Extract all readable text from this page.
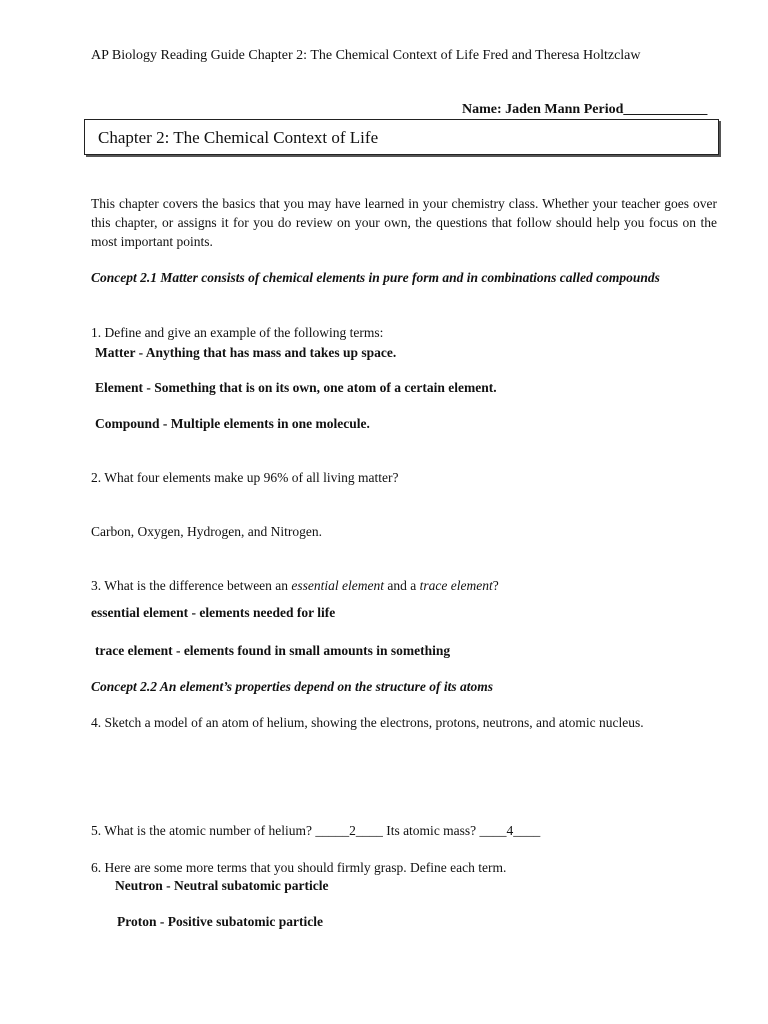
AP Biology Reading Guide Chapter 2: The Chemical Context of Life Fred and Theresa Holtzclaw
Name: Jaden Mann Period____________
Chapter 2: The Chemical Context of Life
This chapter covers the basics that you may have learned in your chemistry class. Whether your teacher goes over this chapter, or assigns it for you do review on your own, the questions that follow should help you focus on the most important points.
Concept 2.1 Matter consists of chemical elements in pure form and in combinations called compounds
1. Define and give an example of the following terms:
Matter - Anything that has mass and takes up space.
Element - Something that is on its own, one atom of a certain element.
Compound - Multiple elements in one molecule.
2. What four elements make up 96% of all living matter?
Carbon, Oxygen, Hydrogen, and Nitrogen.
3. What is the difference between an essential element and a trace element?
essential element - elements needed for life
trace element - elements found in small amounts in something
Concept 2.2 An element’s properties depend on the structure of its atoms
4. Sketch a model of an atom of helium, showing the electrons, protons, neutrons, and atomic nucleus.
5. What is the atomic number of helium? _____2____ Its atomic mass? ____4____
6. Here are some more terms that you should firmly grasp. Define each term.
Neutron - Neutral subatomic particle
Proton - Positive subatomic particle
